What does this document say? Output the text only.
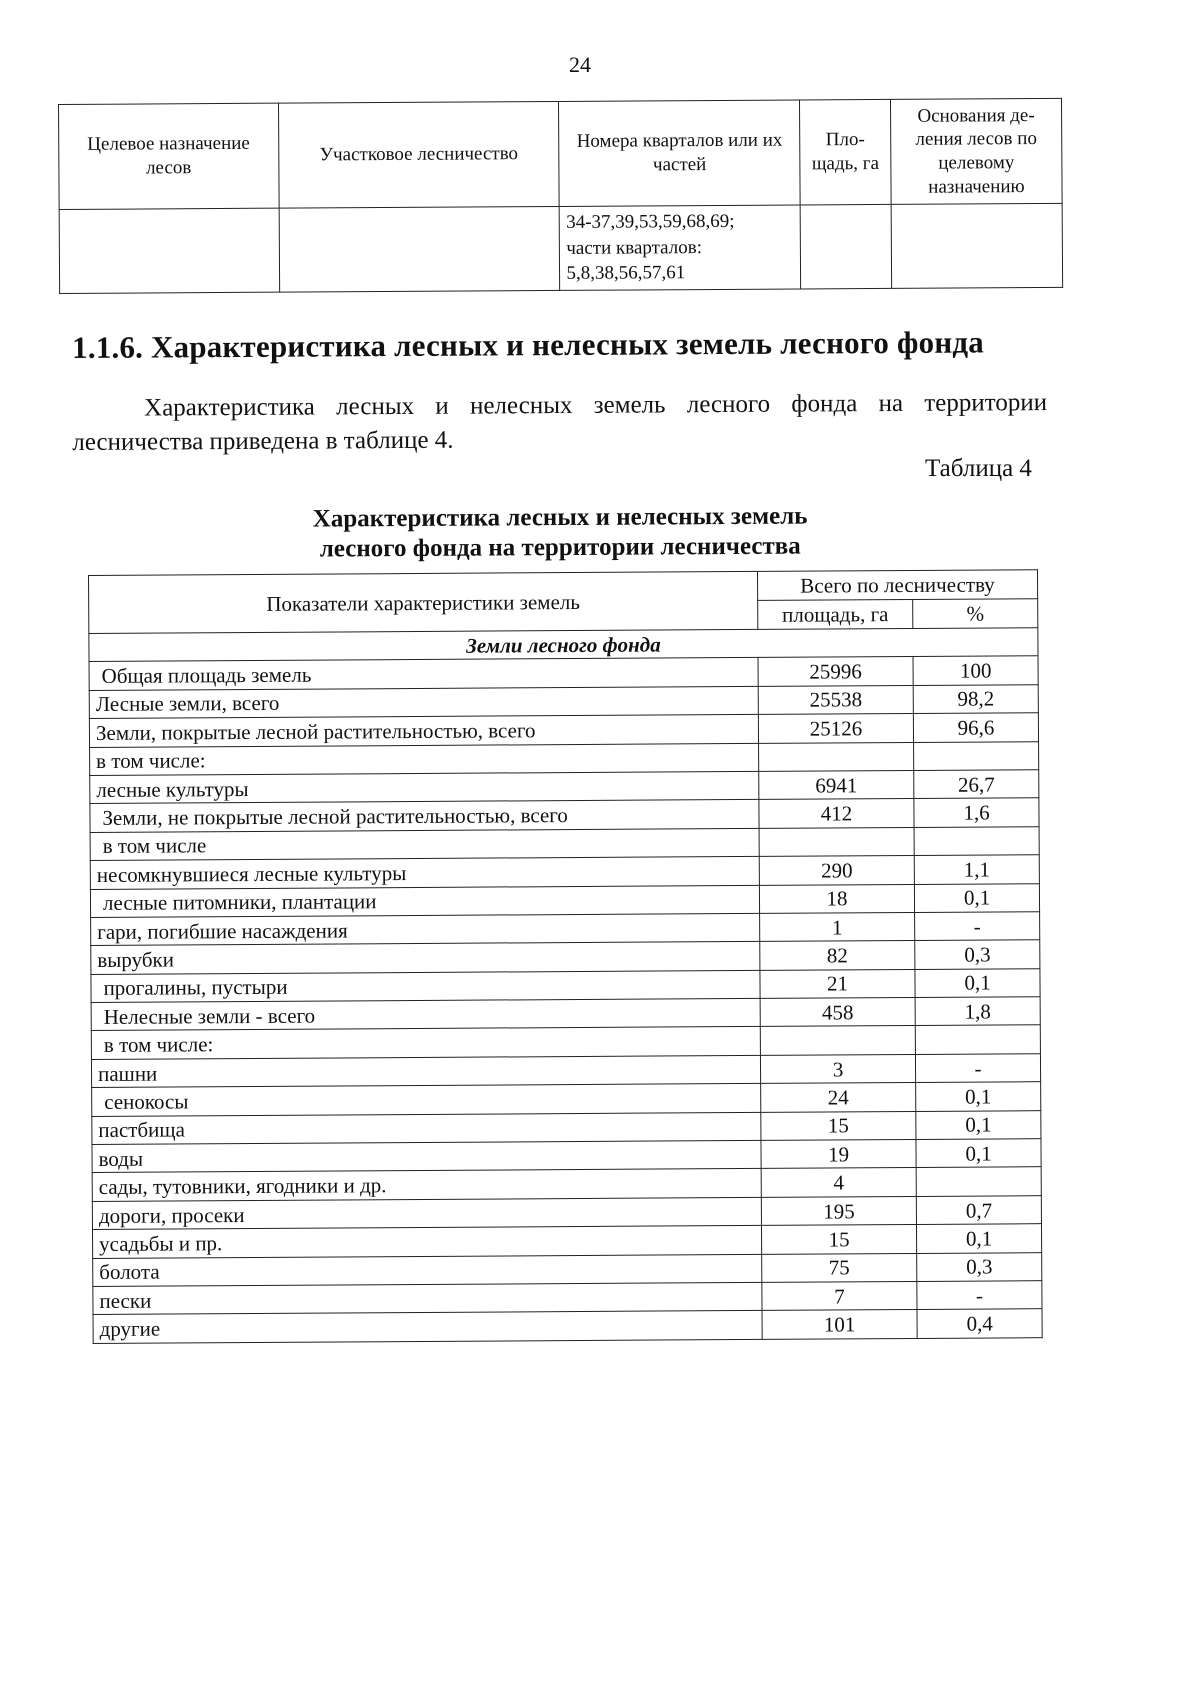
24
Целевое назначение лесов	Участковое лесничество	Номера кварталов или их частей	Пло-щадь, га	Основания де-ления лесов по целевому назначению

		34-37,39,53,59,68,69;
части кварталов:
5,8,38,56,57,61		

1.1.6. Характеристика лесных и нелесных земель лесного фонда
Характеристика лесных и нелесных земель лесного фонда на территории лесничества приведена в таблице 4.
Таблица 4
Характеристика лесных и нелесных земель
лесного фонда на территории лесничества
Показатели характеристики земель	Всего по лесничеству	
	площадь, га	%
Земли лесного фонда		
Общая площадь земель	25996	100
Лесные земли, всего	25538	98,2
Земли, покрытые лесной растительностью, всего	25126	96,6
в том числе:		
лесные культуры	6941	26,7
Земли, не покрытые лесной растительностью, всего	412	1,6
в том числе		
несомкнувшиеся лесные культуры	290	1,1
лесные питомники, плантации	18	0,1
гари, погибшие насаждения	1	-
вырубки	82	0,3
прогалины, пустыри	21	0,1
Нелесные земли - всего	458	1,8
в том числе:		
пашни	3	-
сенокосы	24	0,1
пастбища	15	0,1
воды	19	0,1
сады, тутовники, ягодники и др.	4	
дороги, просеки	195	0,7
усадьбы и пр.	15	0,1
болота	75	0,3
пески	7	-
другие	101	0,4
